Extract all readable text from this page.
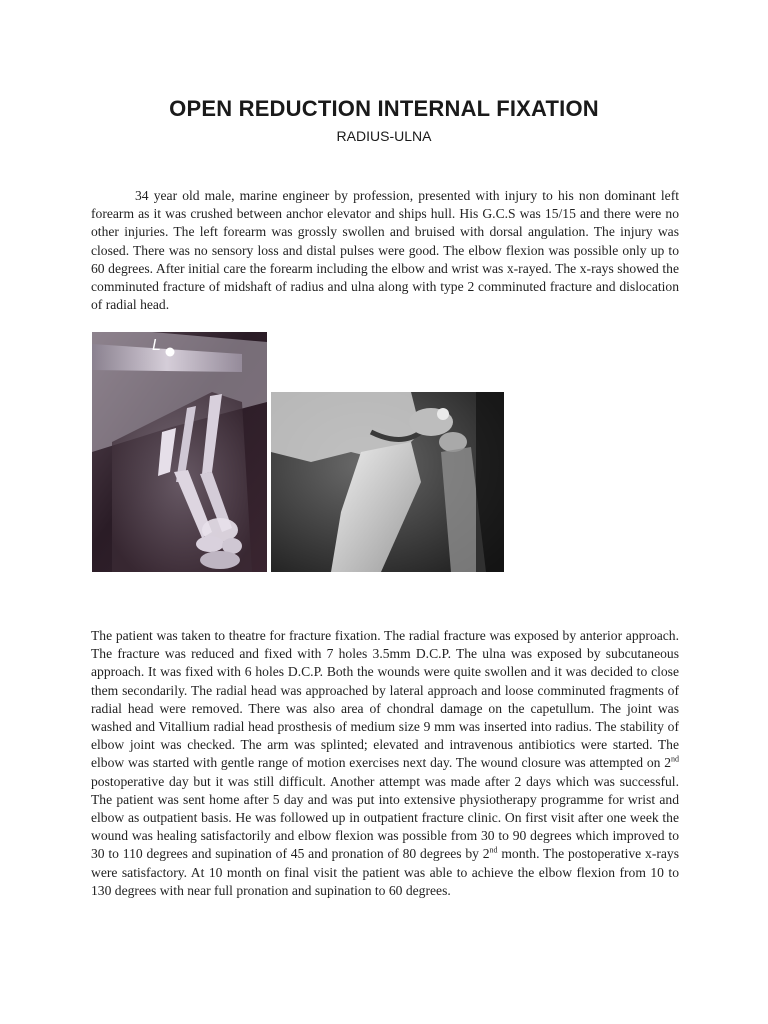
OPEN REDUCTION INTERNAL FIXATION
RADIUS-ULNA

34 year old male, marine engineer by profession, presented with injury to his non dominant left forearm as it was crushed between anchor elevator and ships hull. His G.C.S was 15/15 and there were no other injuries. The left forearm was grossly swollen and bruised with dorsal angulation. The injury was closed. There was no sensory loss and distal pulses were good. The elbow flexion was possible only up to 60 degrees. After initial care the forearm including the elbow and wrist was x-rayed. The x-rays showed the comminuted fracture of midshaft of radius and ulna along with type 2 comminuted fracture and dislocation of radial head.

L

The patient was taken to theatre for fracture fixation. The radial fracture was exposed by anterior approach. The fracture was reduced and fixed with 7 holes 3.5mm D.C.P. The ulna was exposed by subcutaneous approach. It was fixed with 6 holes D.C.P. Both the wounds were quite swollen and it was decided to close them secondarily. The radial head was approached by lateral approach and loose comminuted fragments of radial head were removed. There was also area of chondral damage on the capetullum. The joint was washed and Vitallium radial head prosthesis of medium size 9 mm was inserted into radius. The stability of elbow joint was checked. The arm was splinted; elevated and intravenous antibiotics were started. The elbow was started with gentle range of motion exercises next day. The wound closure was attempted on 2nd postoperative day but it was still difficult. Another attempt was made after 2 days which was successful. The patient was sent home after 5 day and was put into extensive physiotherapy programme for wrist and elbow as outpatient basis. He was followed up in outpatient fracture clinic. On first visit after one week the wound was healing satisfactorily and elbow flexion was possible from 30 to 90 degrees which improved to 30 to 110 degrees and supination of 45 and pronation of 80 degrees by 2nd month. The postoperative x-rays were satisfactory. At 10 month on final visit the patient was able to achieve the elbow flexion from 10 to 130 degrees with near full pronation and supination to 60 degrees.
